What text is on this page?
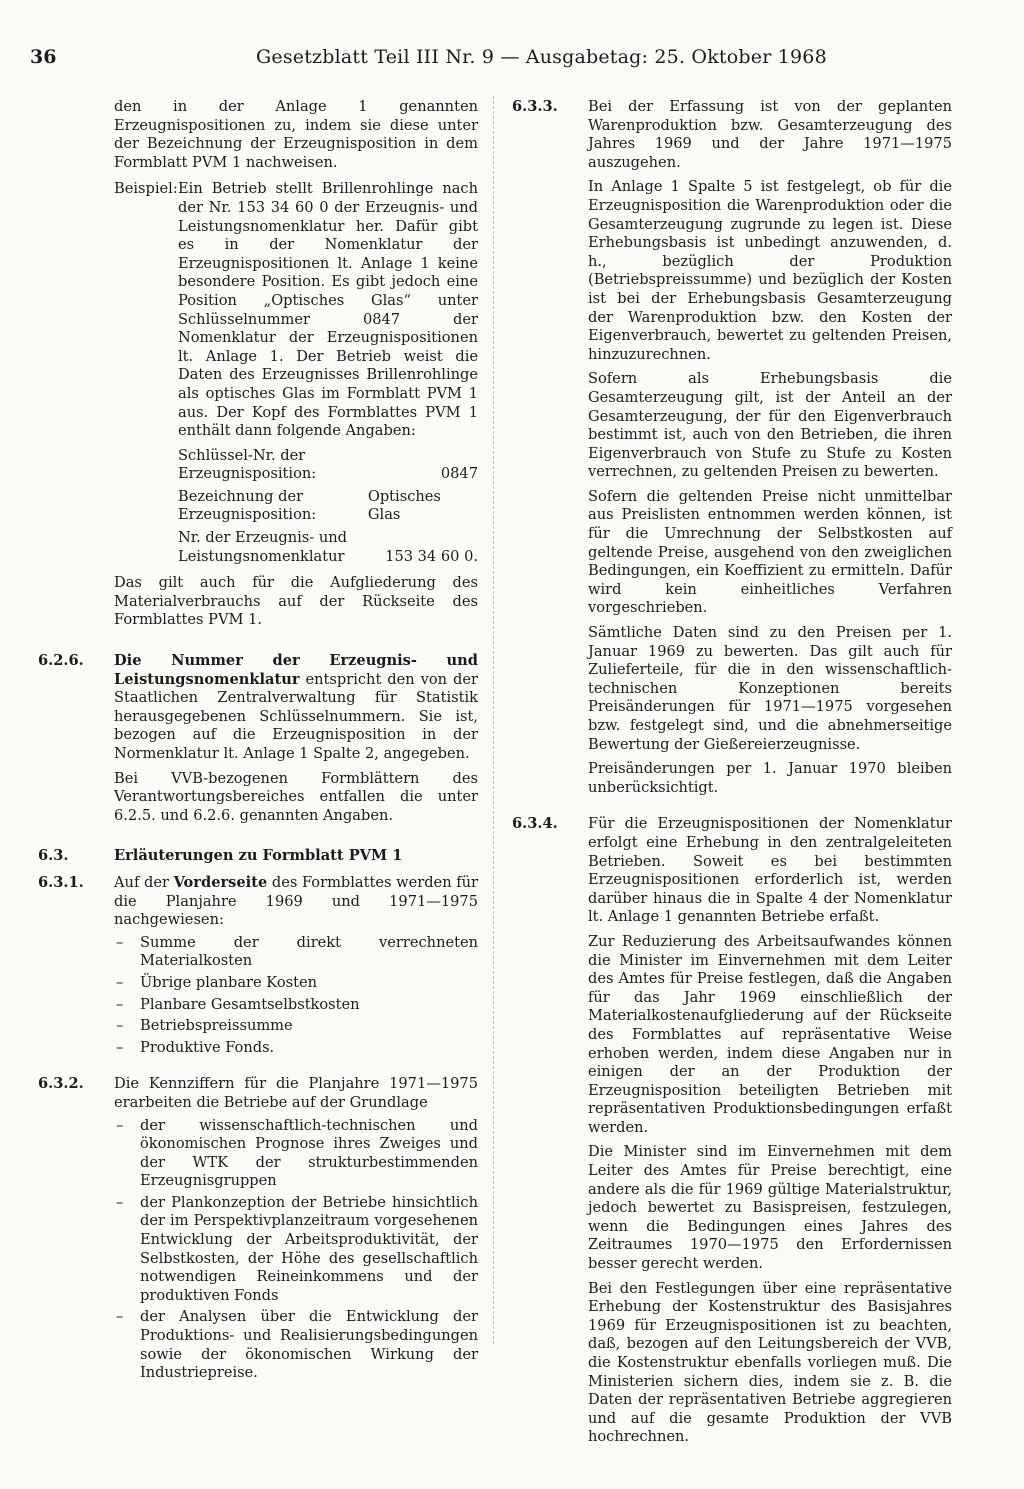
36	Gesetzblatt Teil III Nr. 9 — Ausgabetag: 25. Oktober 1968

den in der Anlage 1 genannten Erzeugnispositionen zu, indem sie diese unter der Bezeichnung der Erzeugnisposition in dem Formblatt PVM 1 nachweisen.

Beispiel: Ein Betrieb stellt Brillenrohlinge nach der Nr. 153 34 60 0 der Erzeugnis- und Leistungsnomenklatur her. Dafür gibt es in der Nomenklatur der Erzeugnispositionen lt. Anlage 1 keine besondere Position. Es gibt jedoch eine Position „Optisches Glas“ unter Schlüsselnummer 0847 der Nomenklatur der Erzeugnispositionen lt. Anlage 1. Der Betrieb weist die Daten des Erzeugnisses Brillenrohlinge als optisches Glas im Formblatt PVM 1 aus. Der Kopf des Formblattes PVM 1 enthält dann folgende Angaben:

Schlüssel-Nr. der Erzeugnisposition:	0847
Bezeichnung der Erzeugnisposition:
Optisches Glas
Nr. der Erzeugnis- und Leistungsnomenklatur	153 34 60 0.

Das gilt auch für die Aufgliederung des Materialverbrauchs auf der Rückseite des Formblattes PVM 1.

6.2.6. Die Nummer der Erzeugnis- und Leistungsnomenklatur entspricht den von der Staatlichen Zentralverwaltung für Statistik herausgegebenen Schlüsselnummern. Sie ist, bezogen auf die Erzeugnisposition in der Normenklatur lt. Anlage 1 Spalte 2, angegeben.

Bei VVB-bezogenen Formblättern des Verantwortungsbereiches entfallen die unter 6.2.5. und 6.2.6. genannten Angaben.

6.3.	Erläuterungen zu Formblatt PVM 1

6.3.1. Auf der Vorderseite des Formblattes werden für die Planjahre 1969 und 1971—1975 nachgewiesen:

– Summe der direkt verrechneten Materialkosten
– Übrige planbare Kosten
– Planbare Gesamtselbstkosten
– Betriebspreissumme
– Produktive Fonds.
6.3.2. Die Kennziffern für die Planjahre 1971—1975 erarbeiten die Betriebe auf der Grundlage

– der wissenschaftlich-technischen und ökonomischen Prognose ihres Zweiges und der WTK der strukturbestimmenden Erzeugnisgruppen
– der Plankonzeption der Betriebe hinsichtlich der im Perspektivplanzeitraum vorgesehenen Entwicklung der Arbeitsproduktivität, der Selbstkosten, der Höhe des gesellschaftlich notwendigen Reineinkommens und der produktiven Fonds
– der Analysen über die Entwicklung der Produktions- und Realisierungsbedingungen sowie der ökonomischen Wirkung der Industriepreise.
6.3.3. Bei der Erfassung ist von der geplanten Warenproduktion bzw. Gesamterzeugung des Jahres 1969 und der Jahre 1971—1975 auszugehen.

In Anlage 1 Spalte 5 ist festgelegt, ob für die Erzeugnisposition die Warenproduktion oder die Gesamterzeugung zugrunde zu legen ist. Diese Erhebungsbasis ist unbedingt anzuwenden, d. h., bezüglich der Produktion (Betriebspreissumme) und bezüglich der Kosten ist bei der Erhebungsbasis Gesamterzeugung der Warenproduktion bzw. den Kosten der Eigenverbrauch, bewertet zu geltenden Preisen, hinzuzurechnen.

Sofern als Erhebungsbasis die Gesamterzeugung gilt, ist der Anteil an der Gesamterzeugung, der für den Eigenverbrauch bestimmt ist, auch von den Betrieben, die ihren Eigenverbrauch von Stufe zu Stufe zu Kosten verrechnen, zu geltenden Preisen zu bewerten.

Sofern die geltenden Preise nicht unmittelbar aus Preislisten entnommen werden können, ist für die Umrechnung der Selbstkosten auf geltende Preise, ausgehend von den zweiglichen Bedingungen, ein Koeffizient zu ermitteln. Dafür wird kein einheitliches Verfahren vorgeschrieben.

Sämtliche Daten sind zu den Preisen per 1. Januar 1969 zu bewerten. Das gilt auch für Zulieferteile, für die in den wissenschaftlich-technischen Konzeptionen bereits Preisänderungen für 1971—1975 vorgesehen bzw. festgelegt sind, und die abnehmerseitige Bewertung der Gießereierzeugnisse.

Preisänderungen per 1. Januar 1970 bleiben unberücksichtigt.

6.3.4. Für die Erzeugnispositionen der Nomenklatur erfolgt eine Erhebung in den zentralgeleiteten Betrieben. Soweit es bei bestimmten Erzeugnispositionen erforderlich ist, werden darüber hinaus die in Spalte 4 der Nomenklatur lt. Anlage 1 genannten Betriebe erfaßt.

Zur Reduzierung des Arbeitsaufwandes können die Minister im Einvernehmen mit dem Leiter des Amtes für Preise festlegen, daß die Angaben für das Jahr 1969 einschließlich der Materialkostenaufgliederung auf der Rückseite des Formblattes auf repräsentative Weise erhoben werden, indem diese Angaben nur in einigen der an der Produktion der Erzeugnisposition beteiligten Betrieben mit repräsentativen Produktionsbedingungen erfaßt werden.

Die Minister sind im Einvernehmen mit dem Leiter des Amtes für Preise berechtigt, eine andere als die für 1969 gültige Materialstruktur, jedoch bewertet zu Basispreisen, festzulegen, wenn die Bedingungen eines Jahres des Zeitraumes 1970—1975 den Erfordernissen besser gerecht werden.

Bei den Festlegungen über eine repräsentative Erhebung der Kostenstruktur des Basisjahres 1969 für Erzeugnispositionen ist zu beachten, daß, bezogen auf den Leitungsbereich der VVB, die Kostenstruktur ebenfalls vorliegen muß. Die Ministerien sichern dies, indem sie z. B. die Daten der repräsentativen Betriebe aggregieren und auf die gesamte Produktion der VVB hochrechnen.
